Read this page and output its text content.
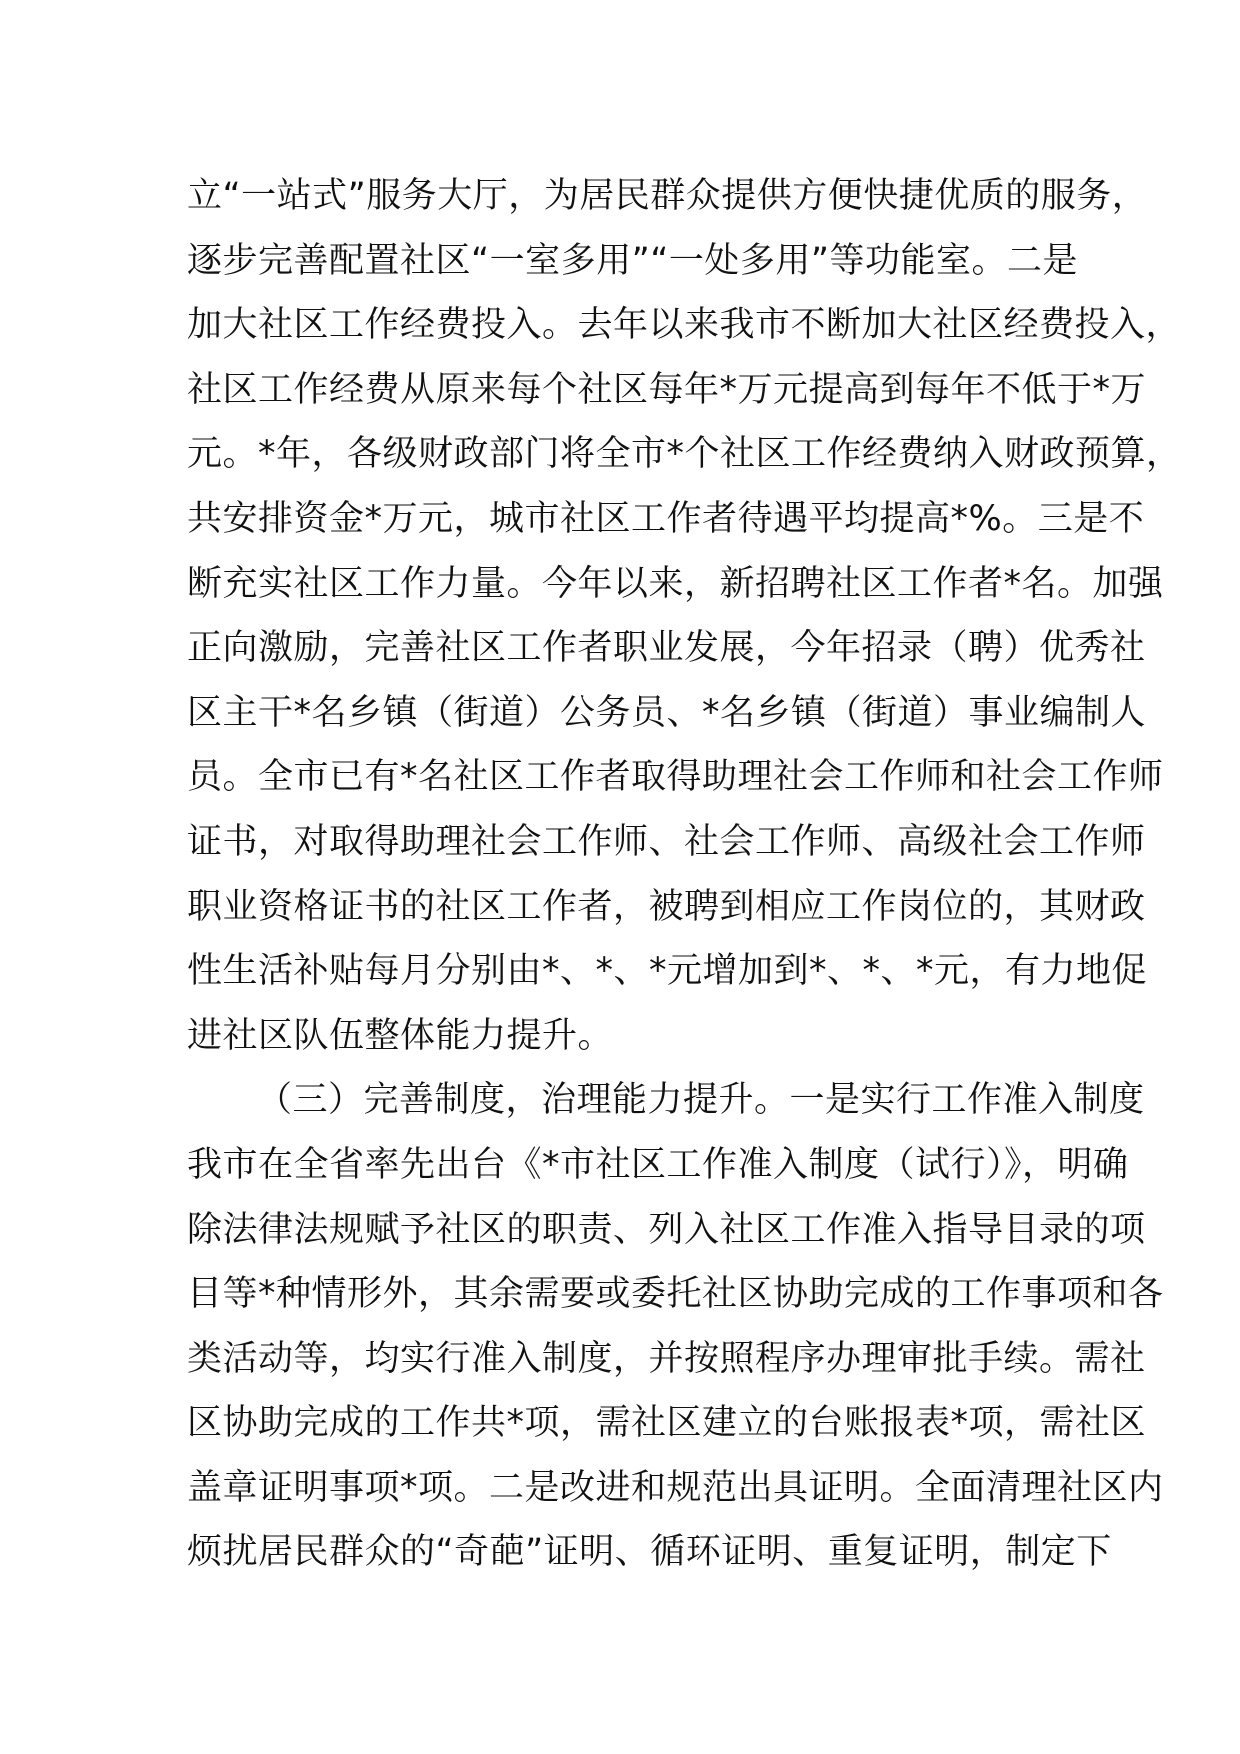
立“一站式”服务大厅，为居民群众提供方便快捷优质的服务，
逐步完善配置社区“一室多用”“一处多用”等功能室。二是
加大社区工作经费投入。去年以来我市不断加大社区经费投入，
社区工作经费从原来每个社区每年*万元提高到每年不低于*万
元。*年，各级财政部门将全市*个社区工作经费纳入财政预算，
共安排资金*万元，城市社区工作者待遇平均提高*%。三是不
断充实社区工作力量。今年以来，新招聘社区工作者*名。加强
正向激励，完善社区工作者职业发展，今年招录（聘）优秀社
区主干*名乡镇（街道）公务员、*名乡镇（街道）事业编制人
员。全市已有*名社区工作者取得助理社会工作师和社会工作师
证书，对取得助理社会工作师、社会工作师、高级社会工作师
职业资格证书的社区工作者，被聘到相应工作岗位的，其财政
性生活补贴每月分别由*、*、*元增加到*、*、*元，有力地促
进社区队伍整体能力提升。
（三）完善制度，治理能力提升。一是实行工作准入制度
我市在全省率先出台《*市社区工作准入制度（试行）》，明确
除法律法规赋予社区的职责、列入社区工作准入指导目录的项
目等*种情形外，其余需要或委托社区协助完成的工作事项和各
类活动等，均实行准入制度，并按照程序办理审批手续。需社
区协助完成的工作共*项，需社区建立的台账报表*项，需社区
盖章证明事项*项。二是改进和规范出具证明。全面清理社区内
烦扰居民群众的“奇葩”证明、循环证明、重复证明，制定下
